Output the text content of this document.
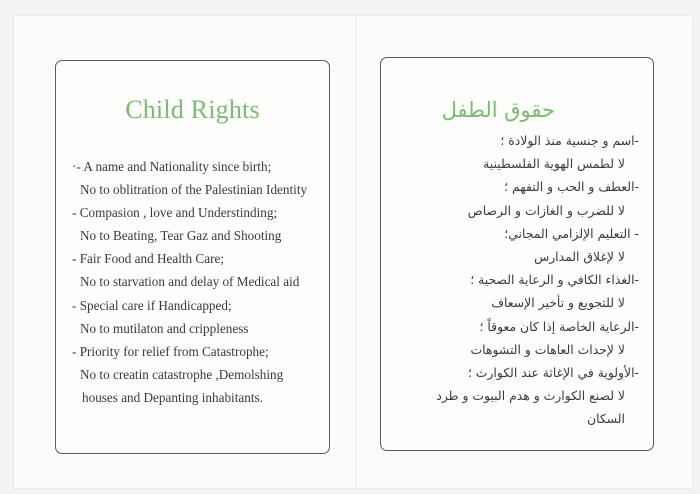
Child Rights
·- A name and Nationality since birth;
No to oblitration of the Palestinian Identity
- Compasion , love and Understinding;
No to Beating, Tear Gaz and Shooting
- Fair Food and Health Care;
No to starvation and delay of Medical aid
- Special care if Handicapped;
No to mutilaton and crippleness
- Priority for relief from Catastrophe;
No to creatin catastrophe ,Demolshing
houses and Depanting inhabitants.
حقوق الطفل
-اسم و جنسية منذ الولادة ؛
لا لطمس الهوية الفلسطينية
-العطف و الحب و التفهم ؛
لا للضرب و الغازات و الرصاص
- التعليم الإلزامي المجاني؛
لا لإغلاق المدارس
-الغذاء الكافي و الرعاية الصحية ؛
لا للتجويع و تأخير الإسعاف
-الرعاية الخاصة إذا كان معوقاً ؛
لا لإحداث العاهات و التشوهات
-الأولوية في الإغاثة عند الكوارث ؛
لا لصنع الكوارث و هدم البيوت و طرد
السكان
